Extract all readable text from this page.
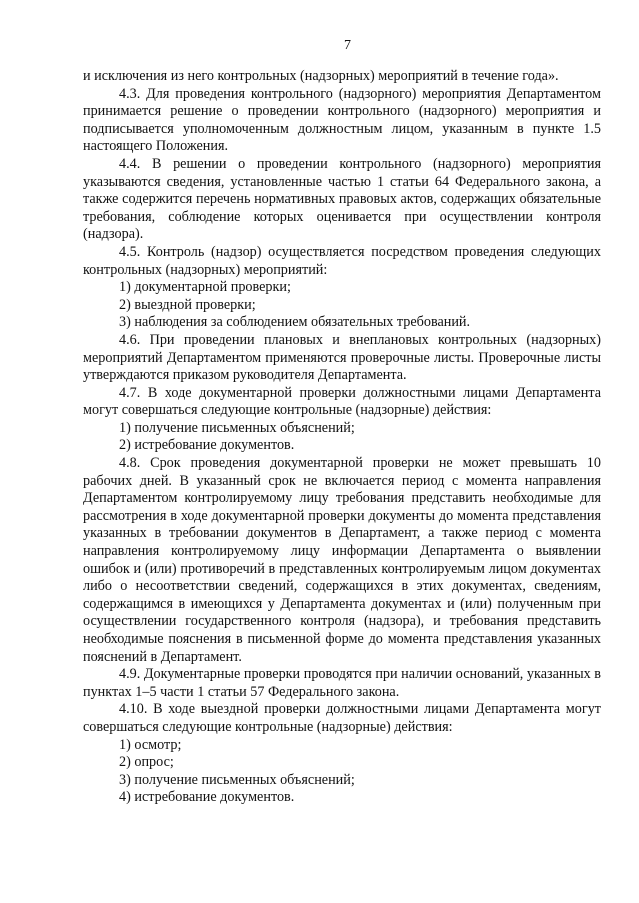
7

и исключения из него контрольных (надзорных) мероприятий в течение года».

4.3. Для проведения контрольного (надзорного) мероприятия Департаментом принимается решение о проведении контрольного (надзорного) мероприятия и подписывается уполномоченным должностным лицом, указанным в пункте 1.5 настоящего Положения.

4.4. В решении о проведении контрольного (надзорного) мероприятия указываются сведения, установленные частью 1 статьи 64 Федерального закона, а также содержится перечень нормативных правовых актов, содержащих обязательные требования, соблюдение которых оценивается при осуществлении контроля (надзора).

4.5. Контроль (надзор) осуществляется посредством проведения следующих контрольных (надзорных) мероприятий:

1) документарной проверки;

2) выездной проверки;

3) наблюдения за соблюдением обязательных требований.

4.6. При проведении плановых и внеплановых контрольных (надзорных) мероприятий Департаментом применяются проверочные листы. Проверочные листы утверждаются приказом руководителя Департамента.

4.7. В ходе документарной проверки должностными лицами Департамента могут совершаться следующие контрольные (надзорные) действия:

1) получение письменных объяснений;

2) истребование документов.

4.8. Срок проведения документарной проверки не может превышать 10 рабочих дней. В указанный срок не включается период с момента направления Департаментом контролируемому лицу требования представить необходимые для рассмотрения в ходе документарной проверки документы до момента представления указанных в требовании документов в Департамент, а также период с момента направления контролируемому лицу информации Департамента о выявлении ошибок и (или) противоречий в представленных контролируемым лицом документах либо о несоответствии сведений, содержащихся в этих документах, сведениям, содержащимся в имеющихся у Департамента документах и (или) полученным при осуществлении государственного контроля (надзора), и требования представить необходимые пояснения в письменной форме до момента представления указанных пояснений в Департамент.

4.9. Документарные проверки проводятся при наличии оснований, указанных в пунктах 1–5 части 1 статьи 57 Федерального закона.

4.10. В ходе выездной проверки должностными лицами Департамента могут совершаться следующие контрольные (надзорные) действия:

1) осмотр;

2) опрос;

3) получение письменных объяснений;

4) истребование документов.
